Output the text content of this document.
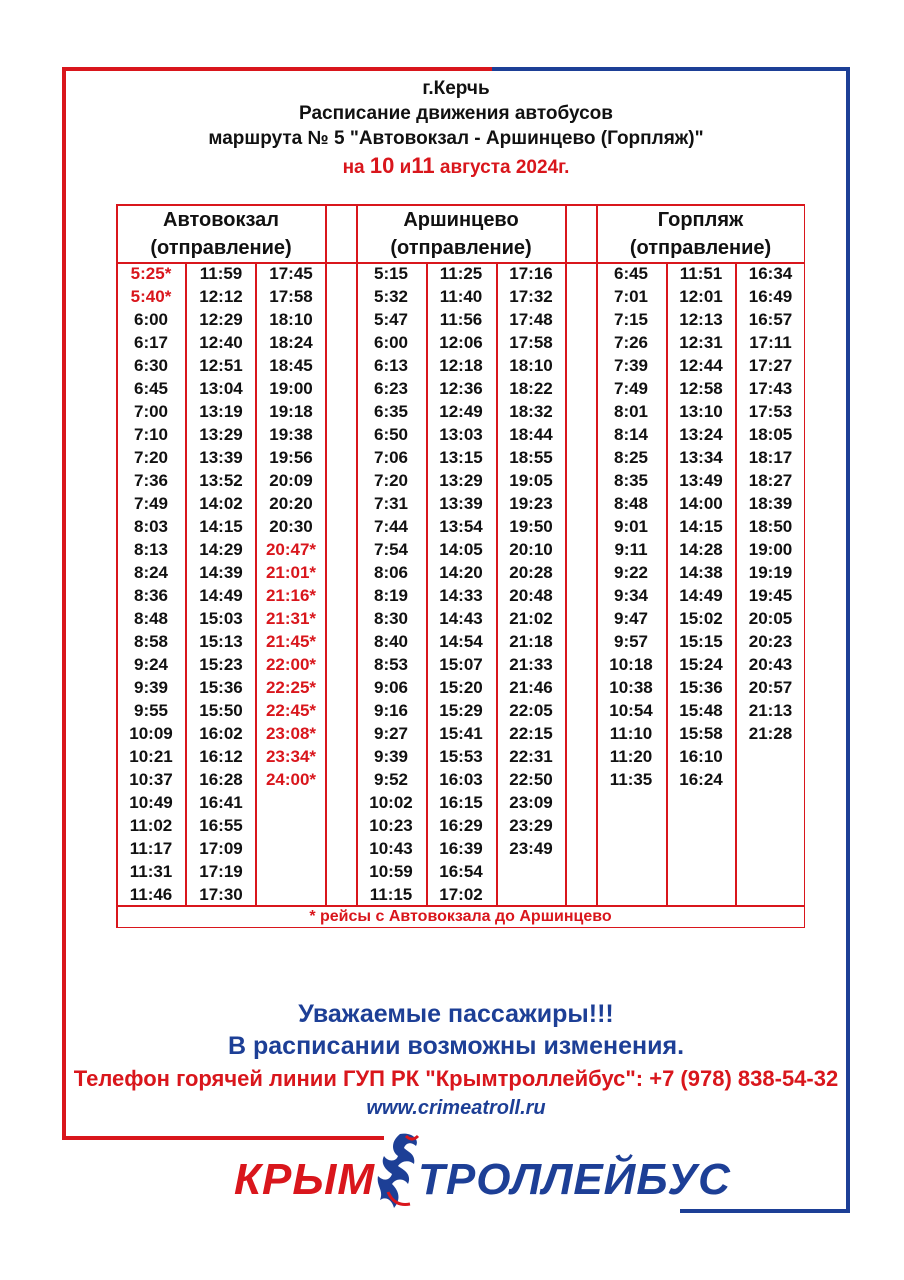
г.Керчь
Расписание движения автобусов
маршрута № 5 "Автовокзал - Аршинцево (Горпляж)"
на 10 и11 августа 2024г.
Автовокзал
(отправление)
Аршинцево
(отправление)
Горпляж
(отправление)
5:25*
5:40*
6:00
6:17
6:30
6:45
7:00
7:10
7:20
7:36
7:49
8:03
8:13
8:24
8:36
8:48
8:58
9:24
9:39
9:55
10:09
10:21
10:37
10:49
11:02
11:17
11:31
11:46
11:59
12:12
12:29
12:40
12:51
13:04
13:19
13:29
13:39
13:52
14:02
14:15
14:29
14:39
14:49
15:03
15:13
15:23
15:36
15:50
16:02
16:12
16:28
16:41
16:55
17:09
17:19
17:30
17:45
17:58
18:10
18:24
18:45
19:00
19:18
19:38
19:56
20:09
20:20
20:30
20:47*
21:01*
21:16*
21:31*
21:45*
22:00*
22:25*
22:45*
23:08*
23:34*
24:00*
5:15
5:32
5:47
6:00
6:13
6:23
6:35
6:50
7:06
7:20
7:31
7:44
7:54
8:06
8:19
8:30
8:40
8:53
9:06
9:16
9:27
9:39
9:52
10:02
10:23
10:43
10:59
11:15
11:25
11:40
11:56
12:06
12:18
12:36
12:49
13:03
13:15
13:29
13:39
13:54
14:05
14:20
14:33
14:43
14:54
15:07
15:20
15:29
15:41
15:53
16:03
16:15
16:29
16:39
16:54
17:02
17:16
17:32
17:48
17:58
18:10
18:22
18:32
18:44
18:55
19:05
19:23
19:50
20:10
20:28
20:48
21:02
21:18
21:33
21:46
22:05
22:15
22:31
22:50
23:09
23:29
23:49
6:45
7:01
7:15
7:26
7:39
7:49
8:01
8:14
8:25
8:35
8:48
9:01
9:11
9:22
9:34
9:47
9:57
10:18
10:38
10:54
11:10
11:20
11:35
11:51
12:01
12:13
12:31
12:44
12:58
13:10
13:24
13:34
13:49
14:00
14:15
14:28
14:38
14:49
15:02
15:15
15:24
15:36
15:48
15:58
16:10
16:24
16:34
16:49
16:57
17:11
17:27
17:43
17:53
18:05
18:17
18:27
18:39
18:50
19:00
19:19
19:45
20:05
20:23
20:43
20:57
21:13
21:28
* рейсы с Автовокзала до Аршинцево
Уважаемые пассажиры!!!
В расписании возможны изменения.
Телефон горячей линии ГУП РК "Крымтроллейбус": +7 (978) 838-54-32
www.crimeatroll.ru
КРЫМ ТРОЛЛЕЙБУС
